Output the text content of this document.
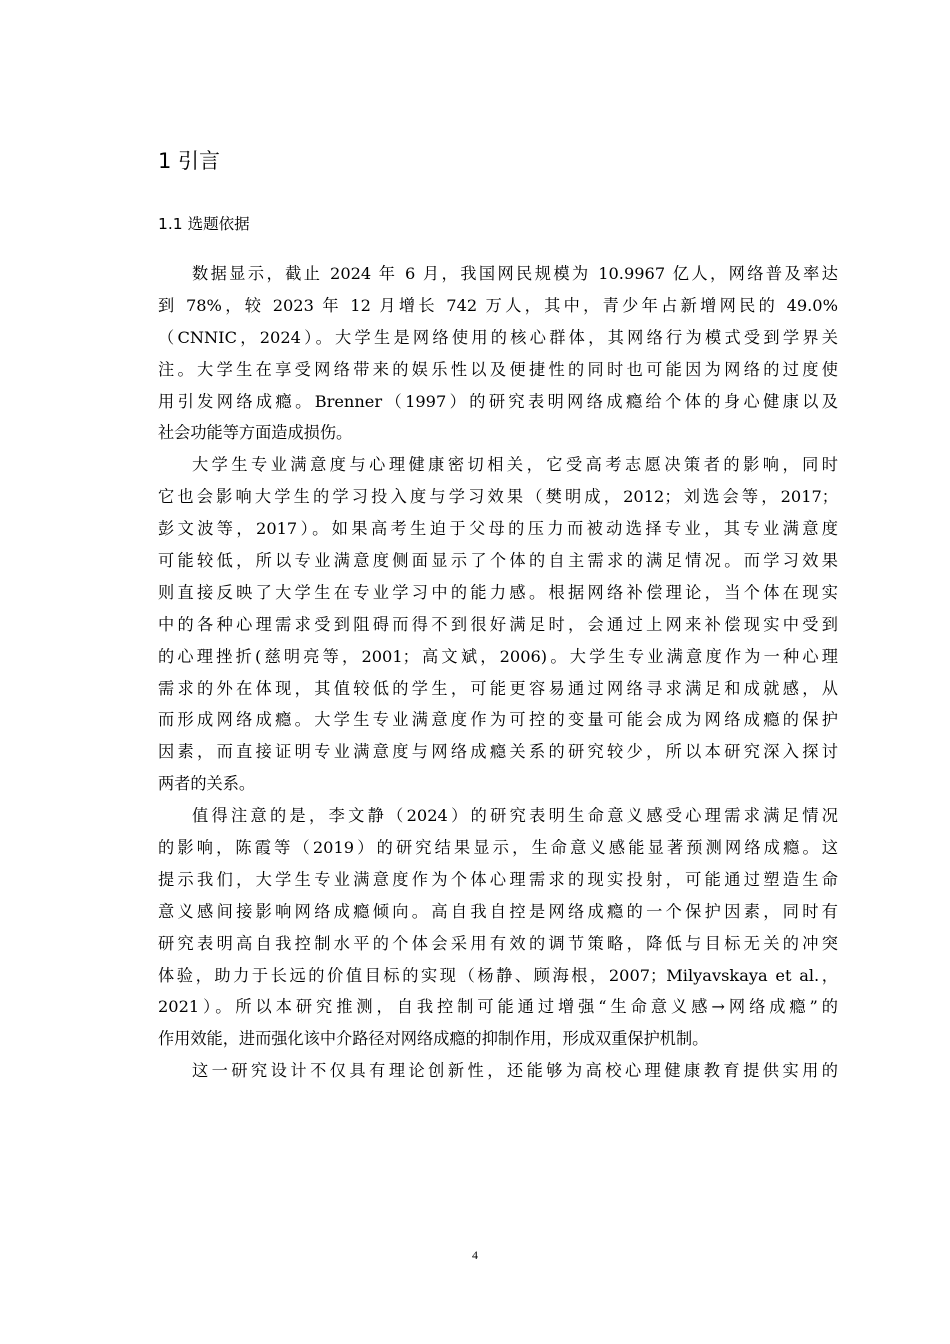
1 引言
1.1 选题依据
数据显示，截止 2024 年 6 月，我国网民规模为 10.9967 亿人，网络普及率达
到 78%，较 2023 年 12 月增长 742 万人，其中，青少年占新增网民的 49.0%
（CNNIC，2024）。大学生是网络使用的核心群体，其网络行为模式受到学界关
注。大学生在享受网络带来的娱乐性以及便捷性的同时也可能因为网络的过度使
用引发网络成瘾。Brenner（1997）的研究表明网络成瘾给个体的身心健康以及
社会功能等方面造成损伤。
大学生专业满意度与心理健康密切相关，它受高考志愿决策者的影响，同时
它也会影响大学生的学习投入度与学习效果（樊明成，2012；刘选会等，2017；
彭文波等，2017）。如果高考生迫于父母的压力而被动选择专业，其专业满意度
可能较低，所以专业满意度侧面显示了个体的自主需求的满足情况。而学习效果
则直接反映了大学生在专业学习中的能力感。根据网络补偿理论，当个体在现实
中的各种心理需求受到阻碍而得不到很好满足时，会通过上网来补偿现实中受到
的心理挫折(慈明亮等，2001；高文斌，2006)。大学生专业满意度作为一种心理
需求的外在体现，其值较低的学生，可能更容易通过网络寻求满足和成就感，从
而形成网络成瘾。大学生专业满意度作为可控的变量可能会成为网络成瘾的保护
因素，而直接证明专业满意度与网络成瘾关系的研究较少，所以本研究深入探讨
两者的关系。
值得注意的是，李文静（2024）的研究表明生命意义感受心理需求满足情况
的影响，陈霞等（2019）的研究结果显示，生命意义感能显著预测网络成瘾。这
提示我们，大学生专业满意度作为个体心理需求的现实投射，可能通过塑造生命
意义感间接影响网络成瘾倾向。高自我自控是网络成瘾的一个保护因素，同时有
研究表明高自我控制水平的个体会采用有效的调节策略，降低与目标无关的冲突
体验，助力于长远的价值目标的实现（杨静、顾海根，2007；Milyavskaya et al.，
2021）。所以本研究推测，自我控制可能通过增强“生命意义感→网络成瘾”的
作用效能，进而强化该中介路径对网络成瘾的抑制作用，形成双重保护机制。
这一研究设计不仅具有理论创新性，还能够为高校心理健康教育提供实用的
4
